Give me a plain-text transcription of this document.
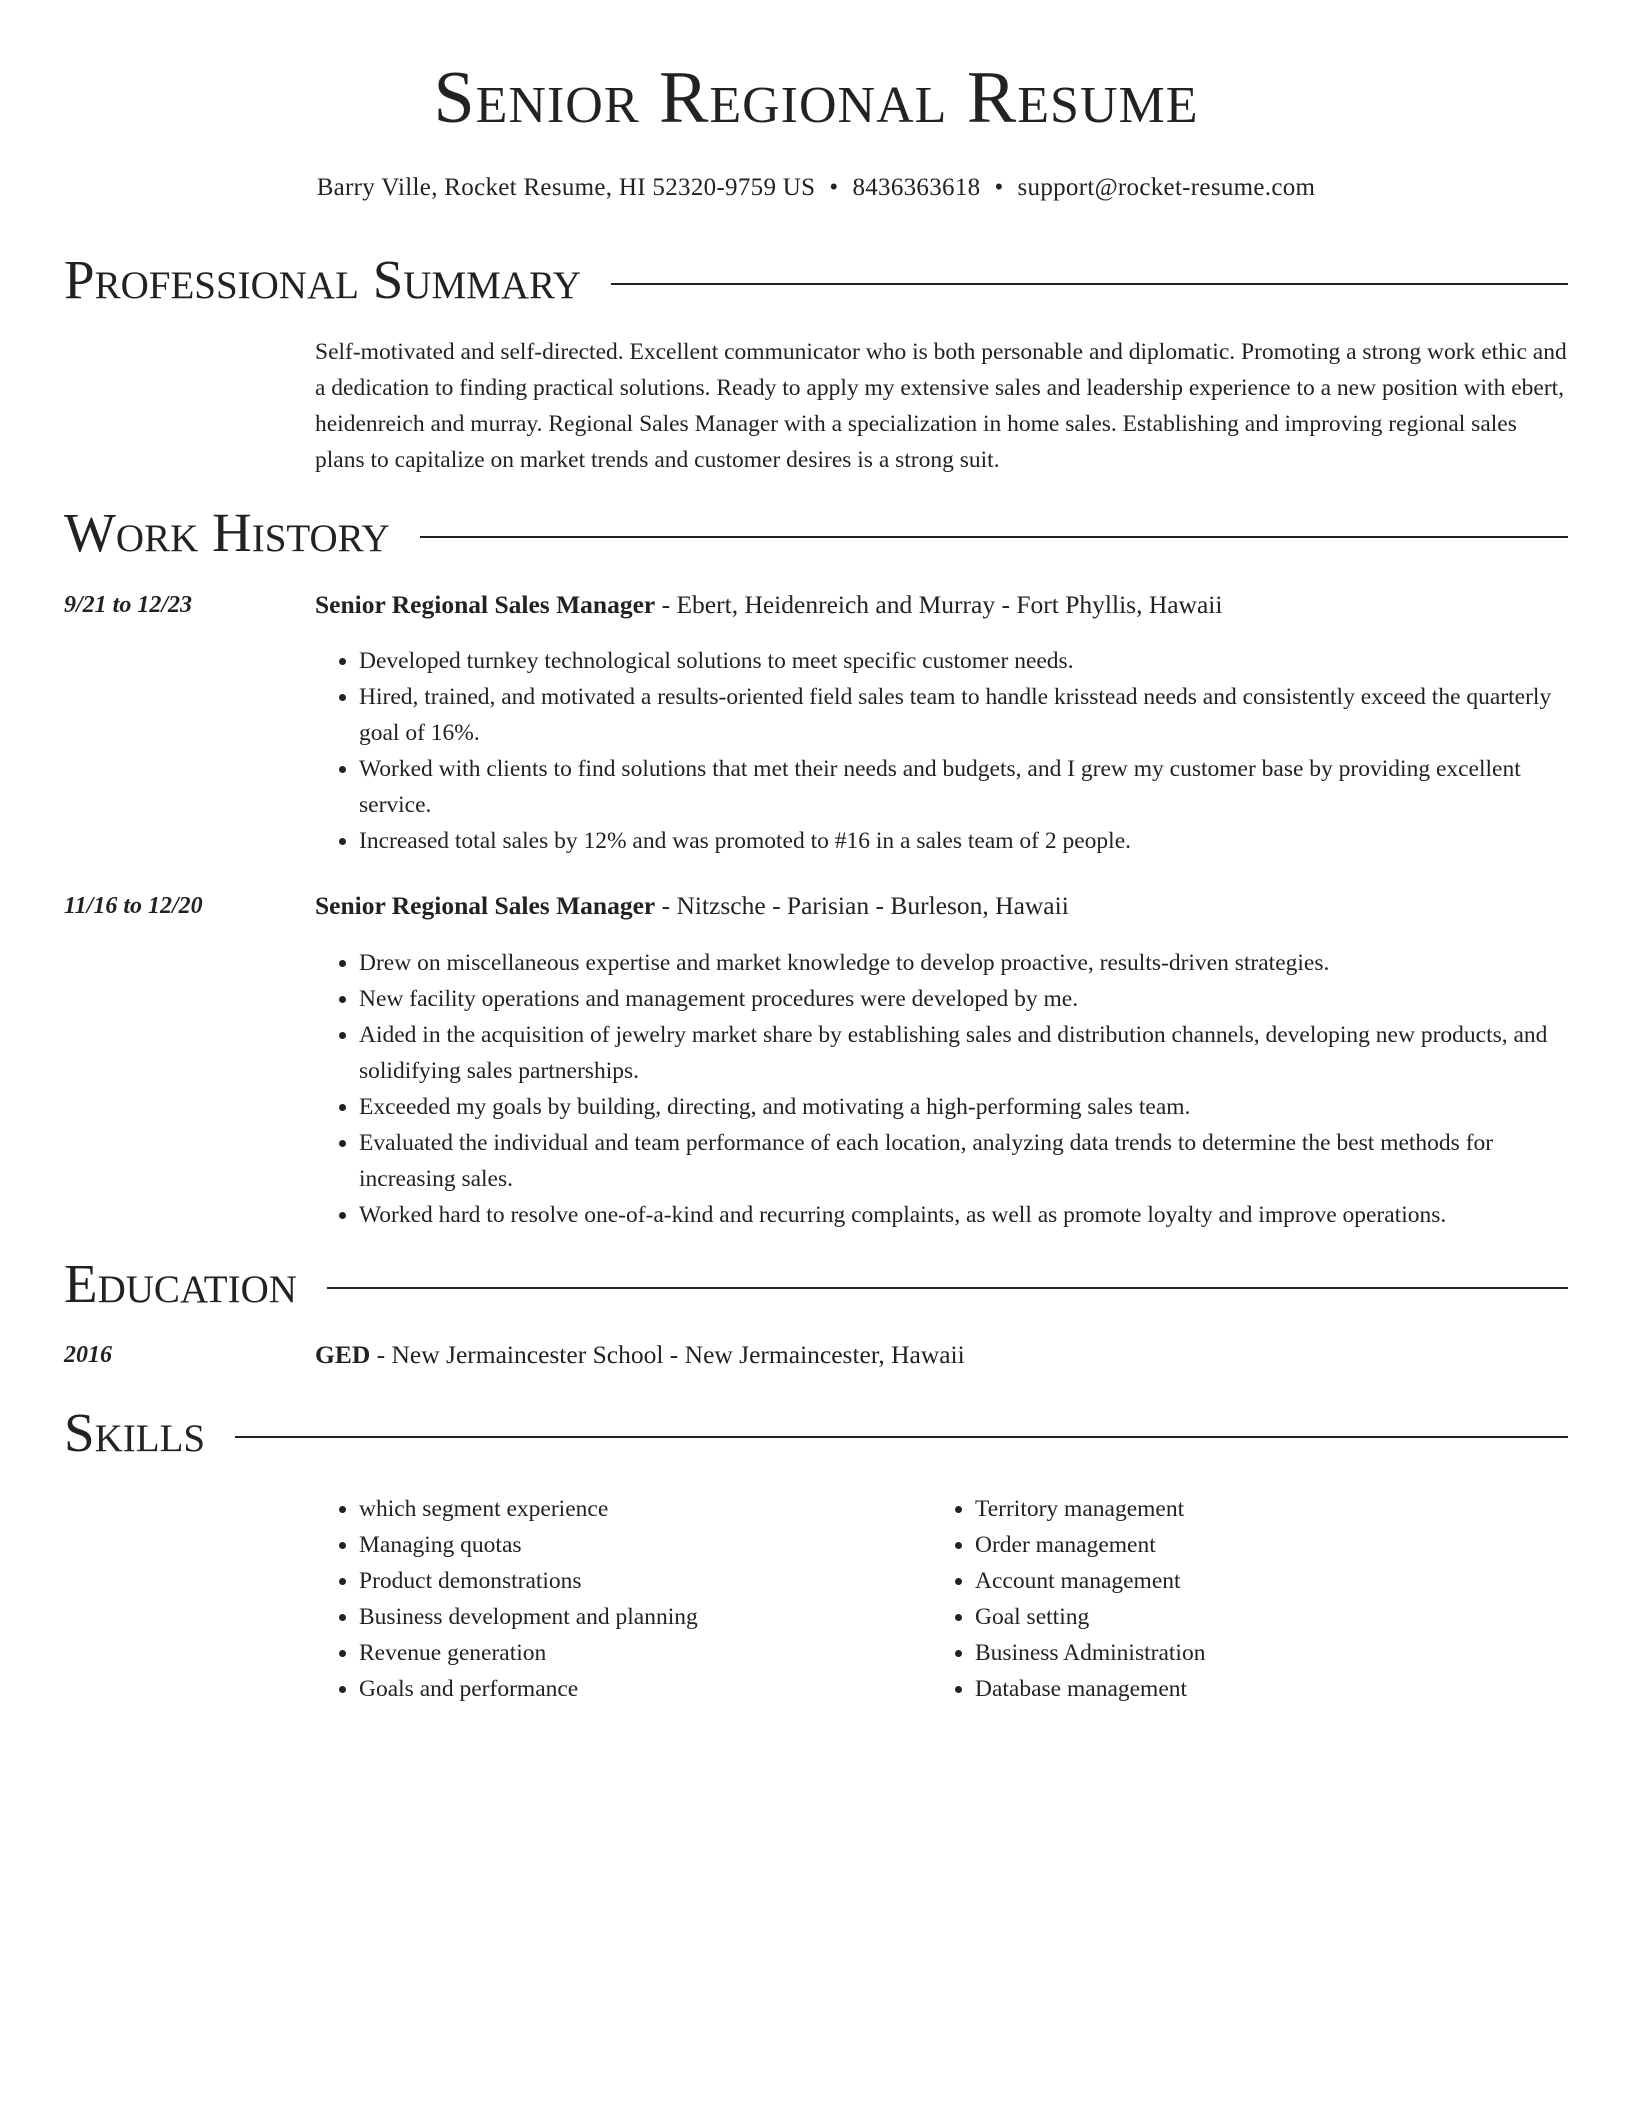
Senior Regional Resume
Barry Ville, Rocket Resume, HI 52320-9759 US • 8436363618 • support@rocket-resume.com
Professional Summary

Self-motivated and self-directed. Excellent communicator who is both personable and diplomatic. Promoting a strong work ethic and a dedication to finding practical solutions. Ready to apply my extensive sales and leadership experience to a new position with ebert, heidenreich and murray. Regional Sales Manager with a specialization in home sales. Establishing and improving regional sales plans to capitalize on market trends and customer desires is a strong suit.

Work History
9/21 to 12/23	Senior Regional Sales Manager - Ebert, Heidenreich and Murray - Fort Phyllis, Hawaii
• Developed turnkey technological solutions to meet specific customer needs.
• Hired, trained, and motivated a results-oriented field sales team to handle krisstead needs and consistently exceed the quarterly goal of 16%.
• Worked with clients to find solutions that met their needs and budgets, and I grew my customer base by providing excellent service.
• Increased total sales by 12% and was promoted to #16 in a sales team of 2 people.
11/16 to 12/20	Senior Regional Sales Manager - Nitzsche - Parisian - Burleson, Hawaii
• Drew on miscellaneous expertise and market knowledge to develop proactive, results-driven strategies.
• New facility operations and management procedures were developed by me.
• Aided in the acquisition of jewelry market share by establishing sales and distribution channels, developing new products, and solidifying sales partnerships.
• Exceeded my goals by building, directing, and motivating a high-performing sales team.
• Evaluated the individual and team performance of each location, analyzing data trends to determine the best methods for increasing sales.
• Worked hard to resolve one-of-a-kind and recurring complaints, as well as promote loyalty and improve operations.
Education
2016	GED - New Jermaincester School - New Jermaincester, Hawaii
Skills
• which segment experience
• Managing quotas
• Product demonstrations
• Business development and planning
• Revenue generation
• Goals and performance
• Territory management
• Order management
• Account management
• Goal setting
• Business Administration
• Database management
